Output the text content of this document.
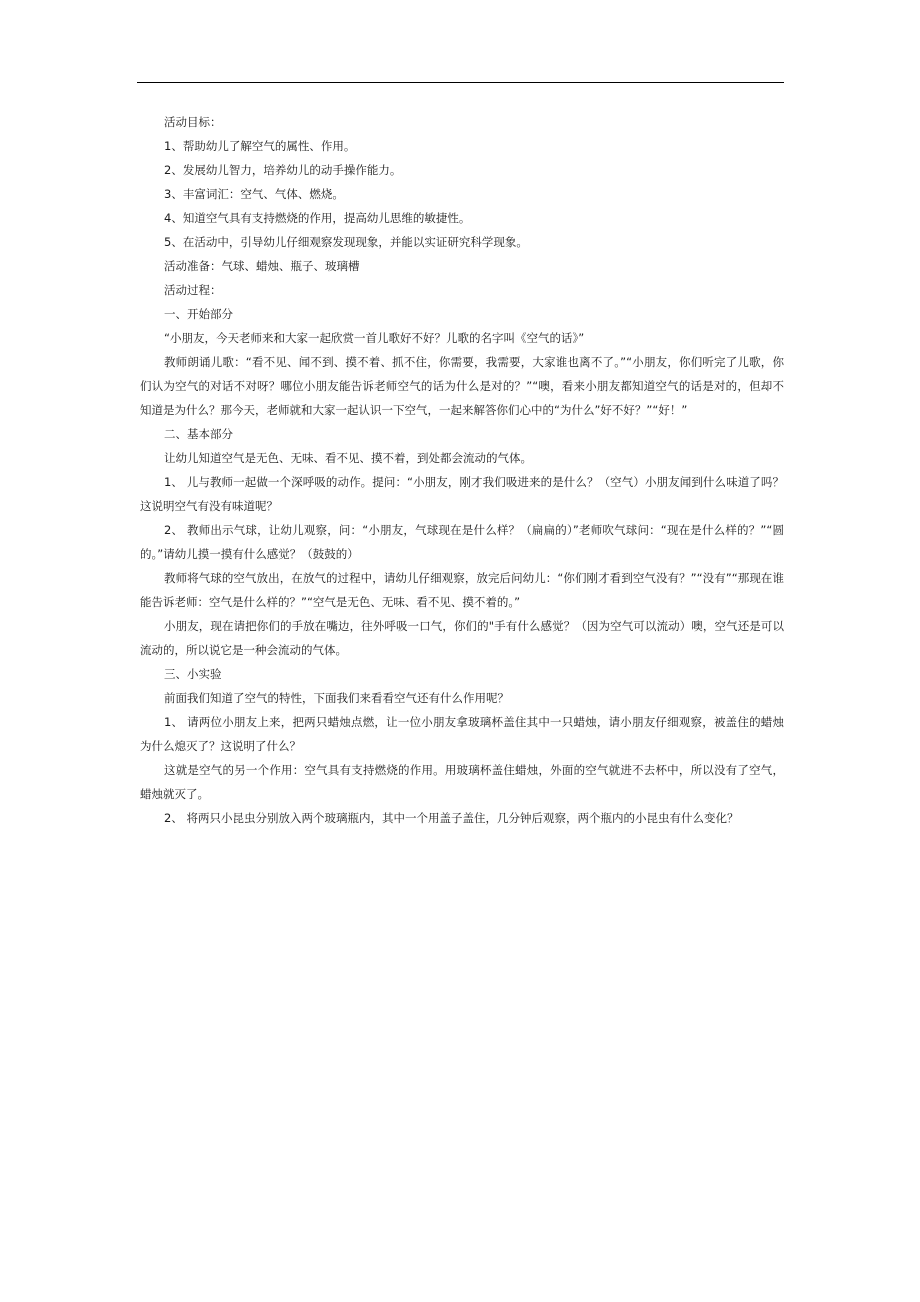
活动目标：

1、帮助幼儿了解空气的属性、作用。

2、发展幼儿智力，培养幼儿的动手操作能力。

3、丰富词汇：空气、气体、燃烧。

4、知道空气具有支持燃烧的作用，提高幼儿思维的敏捷性。

5、在活动中，引导幼儿仔细观察发现现象，并能以实证研究科学现象。

活动准备：气球、蜡烛、瓶子、玻璃槽

活动过程：

一、开始部分

“小朋友，今天老师来和大家一起欣赏一首儿歌好不好？儿歌的名字叫《空气的话》”

教师朗诵儿歌：“看不见、闻不到、摸不着、抓不住，你需要，我需要，大家谁也离不了。”“小朋友，你们听完了儿歌，你们认为空气的对话不对呀？哪位小朋友能告诉老师空气的话为什么是对的？”“噢，看来小朋友都知道空气的话是对的，但却不知道是为什么？那今天，老师就和大家一起认识一下空气，一起来解答你们心中的“为什么”好不好？”“好！”

二、基本部分

让幼儿知道空气是无色、无味、看不见、摸不着，到处都会流动的气体。

1、 儿与教师一起做一个深呼吸的动作。提问：“小朋友，刚才我们吸进来的是什么？（空气）小朋友闻到什么味道了吗？这说明空气有没有味道呢？

2、 教师出示气球，让幼儿观察，问：“小朋友，气球现在是什么样？（扁扁的）”老师吹气球问：“现在是什么样的？”“圆的。”请幼儿摸一摸有什么感觉？（鼓鼓的）

教师将气球的空气放出，在放气的过程中，请幼儿仔细观察，放完后问幼儿：“你们刚才看到空气没有？”“没有”“那现在谁能告诉老师：空气是什么样的？”“空气是无色、无味、看不见、摸不着的。”

小朋友，现在请把你们的手放在嘴边，往外呼吸一口气，你们的"手有什么感觉？（因为空气可以流动）噢，空气还是可以流动的，所以说它是一种会流动的气体。

三、小实验

前面我们知道了空气的特性，下面我们来看看空气还有什么作用呢？

1、 请两位小朋友上来，把两只蜡烛点燃，让一位小朋友拿玻璃杯盖住其中一只蜡烛，请小朋友仔细观察，被盖住的蜡烛为什么熄灭了？这说明了什么？

这就是空气的另一个作用：空气具有支持燃烧的作用。用玻璃杯盖住蜡烛，外面的空气就进不去杯中，所以没有了空气，蜡烛就灭了。

2、 将两只小昆虫分别放入两个玻璃瓶内，其中一个用盖子盖住，几分钟后观察，两个瓶内的小昆虫有什么变化？
